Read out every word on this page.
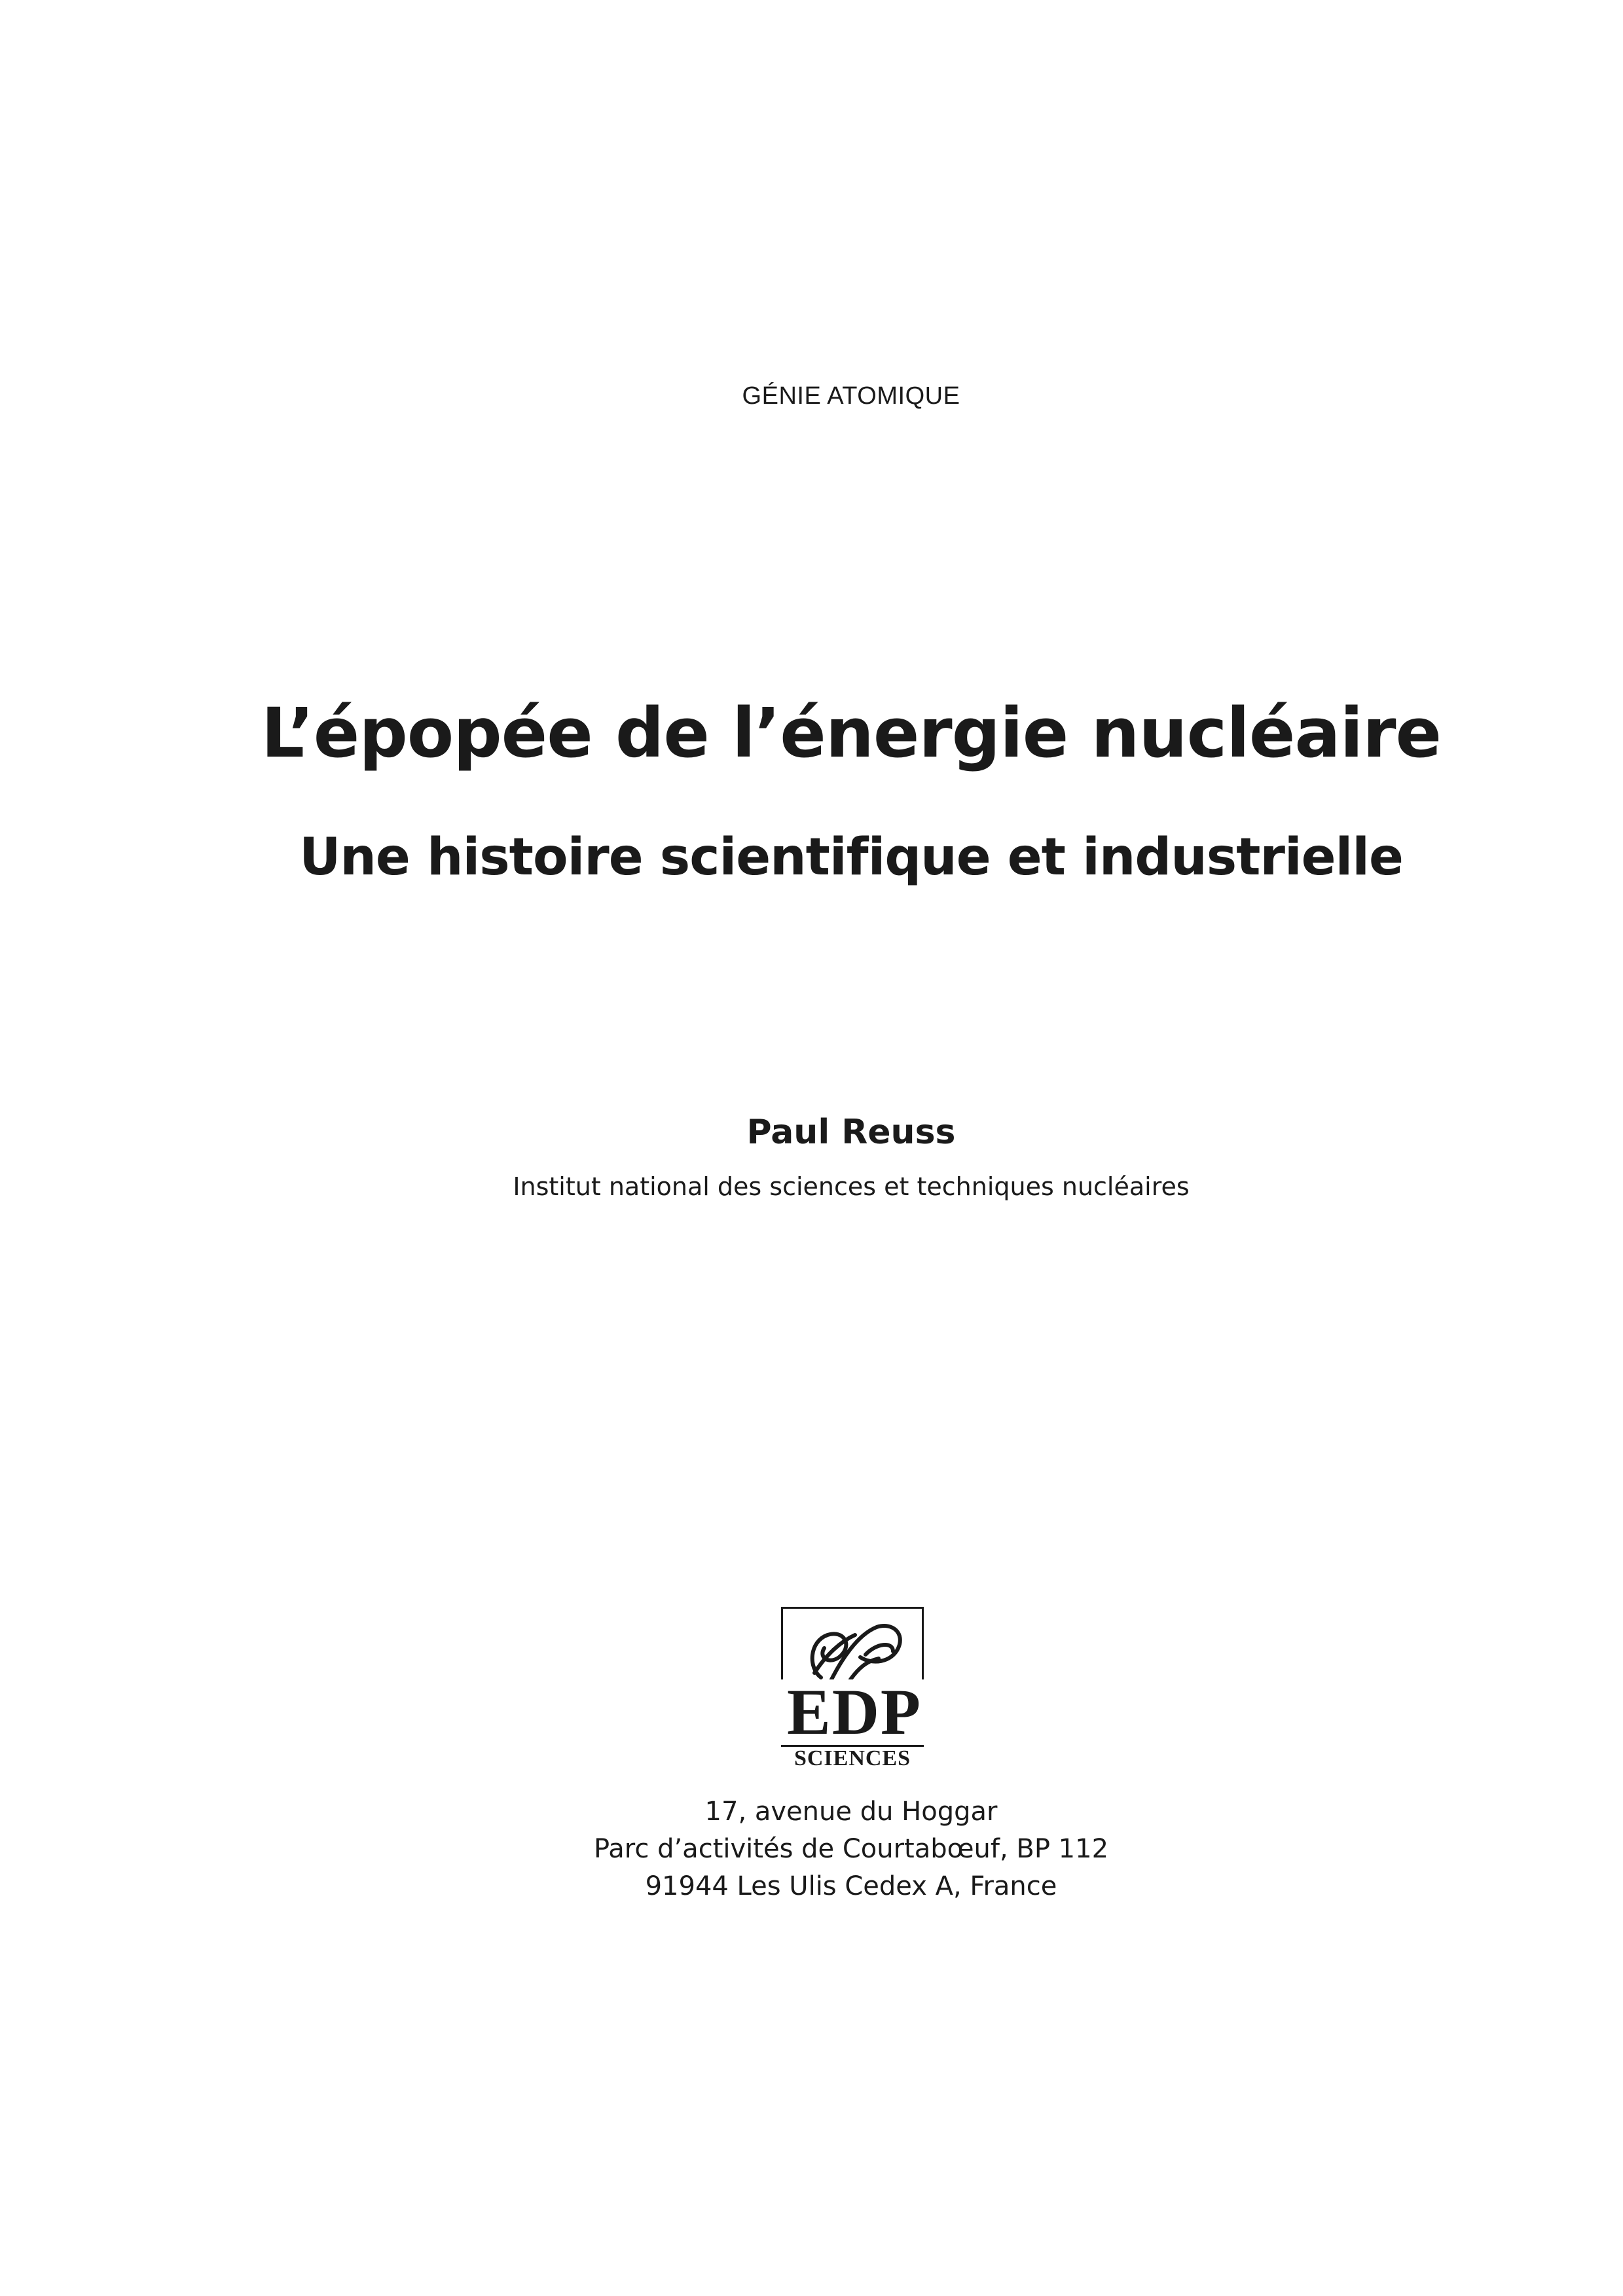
GÉNIE ATOMIQUE
L’épopée de l’énergie nucléaire
Une histoire scientifique et industrielle
Paul Reuss
Institut national des sciences et techniques nucléaires
EDP
SCIENCES
17, avenue du Hoggar
Parc d’activités de Courtabœuf, BP 112
91944 Les Ulis Cedex A, France
